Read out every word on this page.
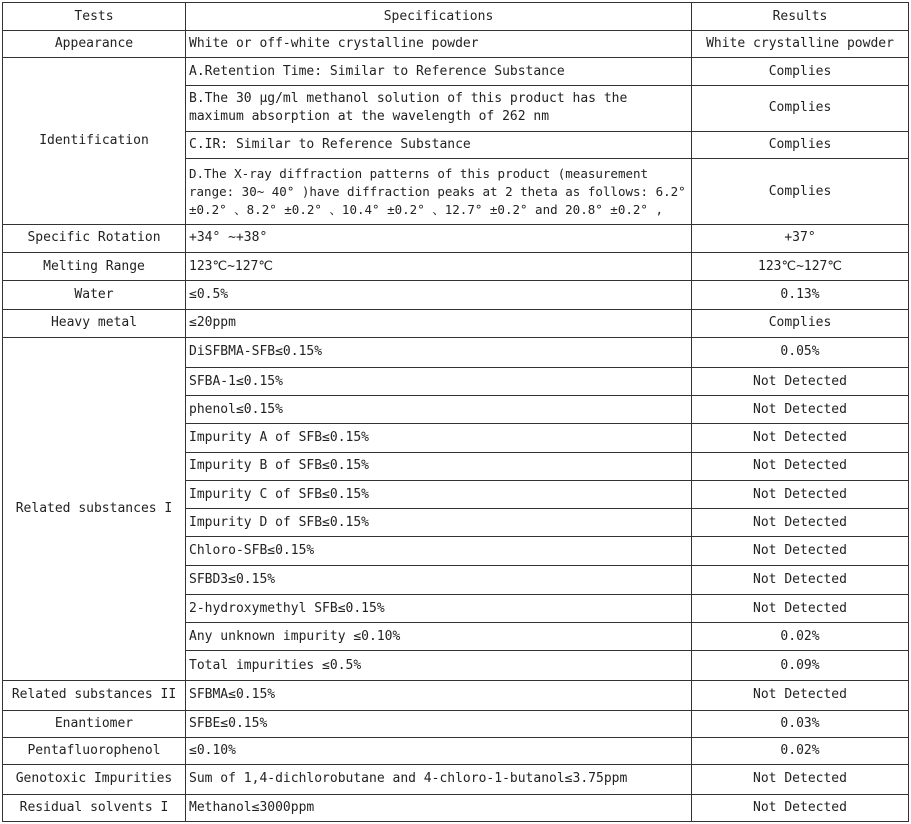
Tests	Specifications	Results
Appearance	White or off-white crystalline powder	White crystalline powder
Identification	A.Retention Time: Similar to Reference Substance	Complies
	B.The 30 μg/ml methanol solution of this product has the maximum absorption at the wavelength of 262 nm	Complies
	C.IR: Similar to Reference Substance	Complies
	D.The X-ray diffraction patterns of this product (measurement range: 30~ 40° )have diffraction peaks at 2 theta as follows: 6.2° ±0.2° 、8.2° ±0.2° 、10.4° ±0.2° 、12.7° ±0.2° and 20.8° ±0.2° ,	Complies
Specific Rotation	+34° ~+38°	+37°
Melting Range	123℃~127℃	123℃~127℃
Water	≤0.5%	0.13%
Heavy metal	≤20ppm	Complies
Related substances I	DiSFBMA-SFB≤0.15%	0.05%
	SFBA-1≤0.15%	Not Detected
	phenol≤0.15%	Not Detected
	Impurity A of SFB≤0.15%	Not Detected
	Impurity B of SFB≤0.15%	Not Detected
	Impurity C of SFB≤0.15%	Not Detected
	Impurity D of SFB≤0.15%	Not Detected
	Chloro-SFB≤0.15%	Not Detected
	SFBD3≤0.15%	Not Detected
	2-hydroxymethyl SFB≤0.15%	Not Detected
	Any unknown impurity ≤0.10%	0.02%
	Total impurities ≤0.5%	0.09%
Related substances II	SFBMA≤0.15%	Not Detected
Enantiomer	SFBE≤0.15%	0.03%
Pentafluorophenol	≤0.10%	0.02%
Genotoxic Impurities	Sum of 1,4-dichlorobutane and 4-chloro-1-butanol≤3.75ppm	Not Detected
Residual solvents I	Methanol≤3000ppm	Not Detected
